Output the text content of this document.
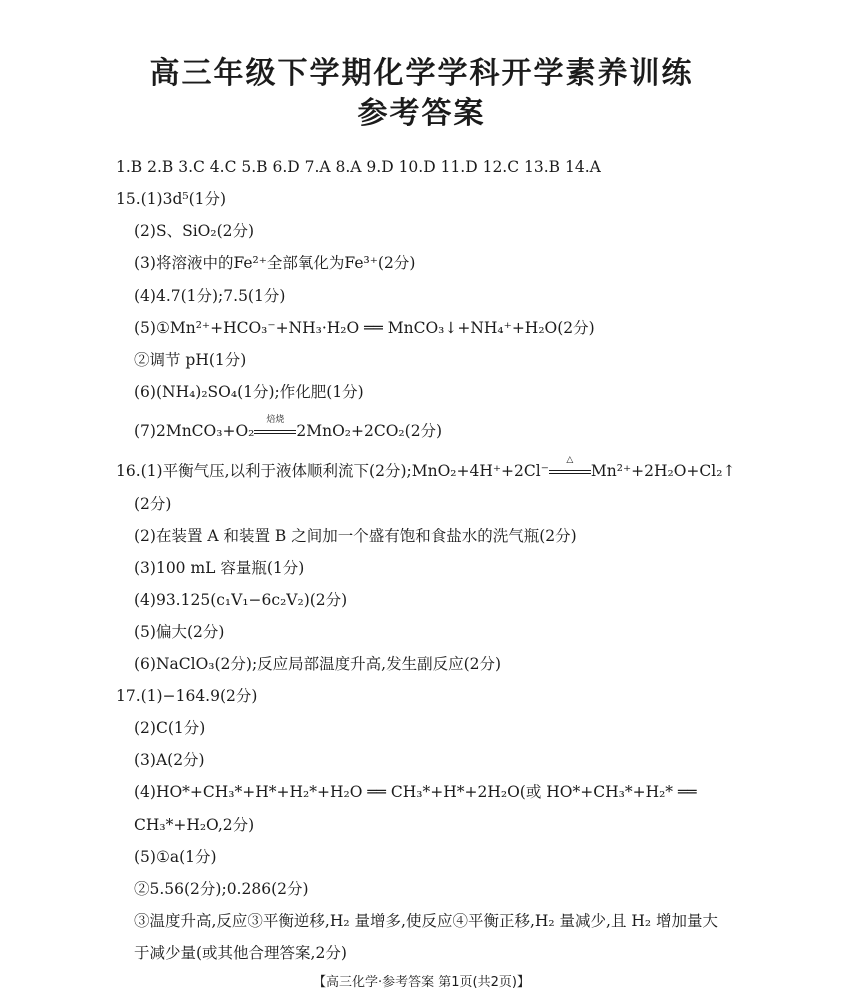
高三年级下学期化学学科开学素养训练
参考答案
1.B 2.B 3.C 4.C 5.B 6.D 7.A 8.A 9.D 10.D 11.D 12.C 13.B 14.A
15.(1)3d⁵(1分)
(2)S、SiO₂(2分)
(3)将溶液中的Fe²⁺全部氧化为Fe³⁺(2分)
(4)4.7(1分);7.5(1分)
(5)①Mn²⁺+HCO₃⁻+NH₃·H₂O ══ MnCO₃↓+NH₄⁺+H₂O(2分)
②调节 pH(1分)
(6)(NH₄)₂SO₄(1分);作化肥(1分)
(7)2MnCO₃+O₂
焙烧
2MnO₂+2CO₂(2分)
16.(1)平衡气压,以利于液体顺利流下(2分);MnO₂+4H⁺+2Cl⁻
△
Mn²⁺+2H₂O+Cl₂↑
(2分)
(2)在装置 A 和装置 B 之间加一个盛有饱和食盐水的洗气瓶(2分)
(3)100 mL 容量瓶(1分)
(4)93.125(c₁V₁−6c₂V₂)(2分)
(5)偏大(2分)
(6)NaClO₃(2分);反应局部温度升高,发生副反应(2分)
17.(1)−164.9(2分)
(2)C(1分)
(3)A(2分)
(4)HO*+CH₃*+H*+H₂*+H₂O ══ CH₃*+H*+2H₂O(或 HO*+CH₃*+H₂* ══
CH₃*+H₂O,2分)
(5)①a(1分)
②5.56(2分);0.286(2分)
③温度升高,反应③平衡逆移,H₂ 量增多,使反应④平衡正移,H₂ 量减少,且 H₂ 增加量大
于减少量(或其他合理答案,2分)
【高三化学·参考答案 第1页(共2页)】
